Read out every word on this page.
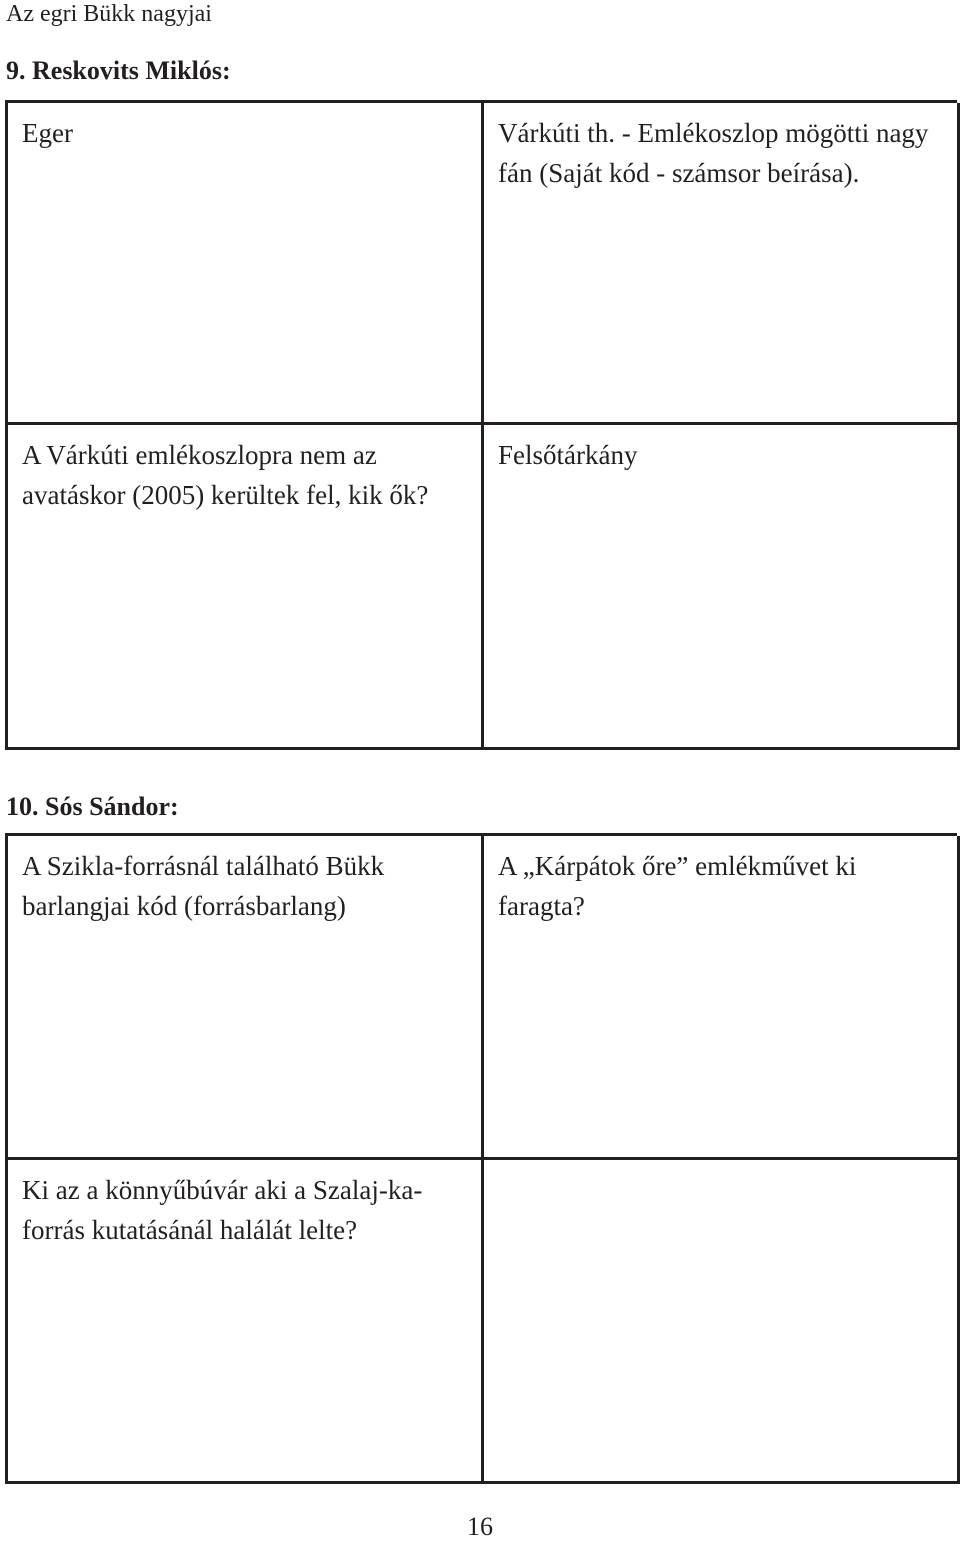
Az egri Bükk nagyjai
9. Reskovits Miklós:
Eger	Várkúti th. - Emlékoszlop mögötti nagy fán (Saját kód - számsor beírása).
A Várkúti emlékoszlopra nem az avatáskor (2005) kerültek fel, kik ők?
Felsőtárkány
10. Sós Sándor:
A Szikla-forrásnál található Bükk barlangjai kód (forrásbarlang)
A „Kárpátok őre” emlékművet ki faragta?
Ki az a könnyűbúvár aki a Szalaj-ka-forrás kutatásánál halálát lelte?
16
